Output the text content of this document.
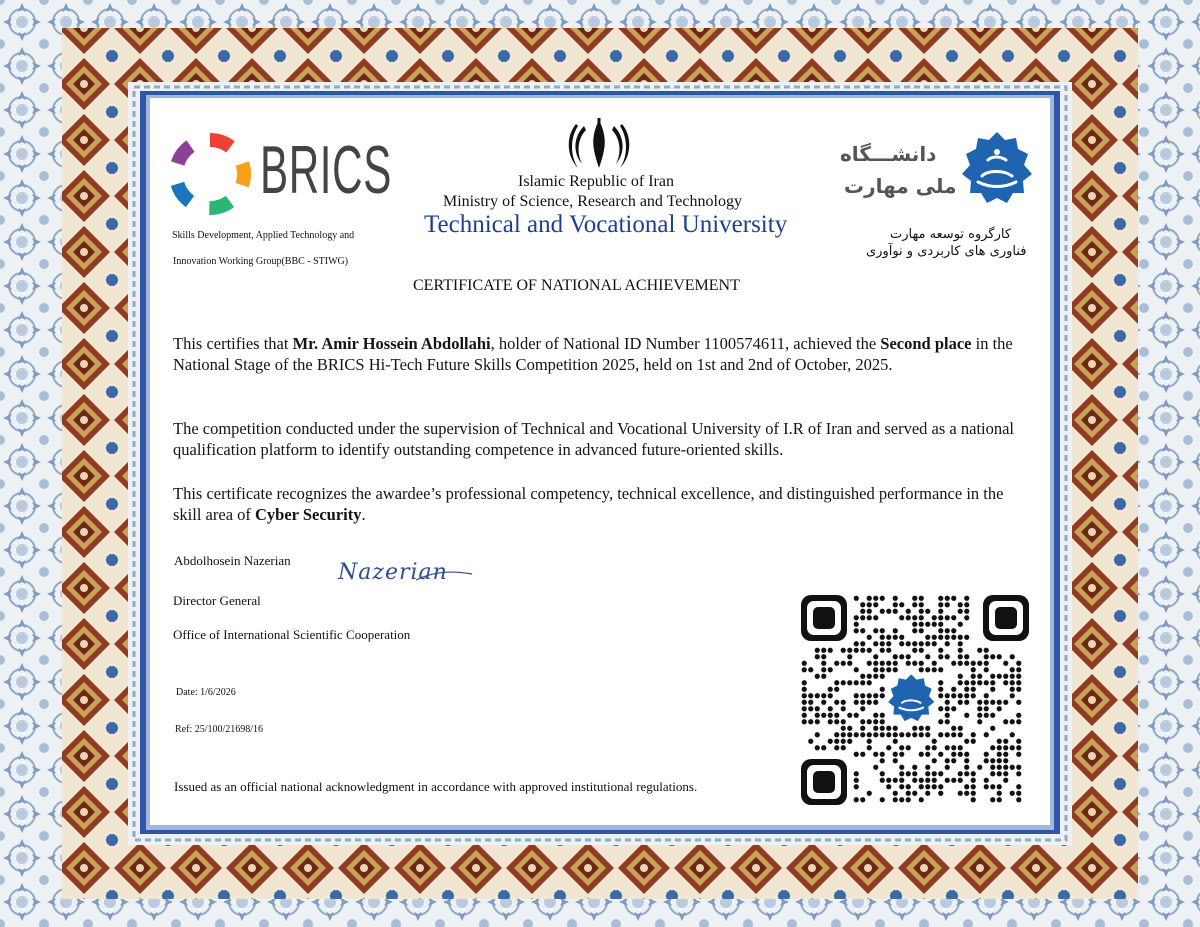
BRICS
Skills Development, Applied Technology and
Innovation Working Group(BBC - STIWG)
Islamic Republic of Iran
Ministry of Science, Research and Technology
Technical and Vocational University
دانشـــگاه
ملی مهارت
کارگروه توسعه مهارت
فناوری های کاربردی و نوآوری
CERTIFICATE OF NATIONAL ACHIEVEMENT
This certifies that Mr. Amir Hossein Abdollahi, holder of National ID Number 1100574611, achieved the Second place in the National Stage of the BRICS Hi-Tech Future Skills Competition 2025, held on 1st and 2nd of October, 2025.
The competition conducted under the supervision of Technical and Vocational University of I.R of Iran and served as a national qualification platform to identify outstanding competence in advanced future-oriented skills.
This certificate recognizes the awardee’s professional competency, technical excellence, and distinguished performance in the skill area of Cyber Security.
Abdolhosein Nazerian Nazerian
Director General
Office of International Scientific Cooperation
Date: 1/6/2026
Ref: 25/100/21698/16
Issued as an official national acknowledgment in accordance with approved institutional regulations.
